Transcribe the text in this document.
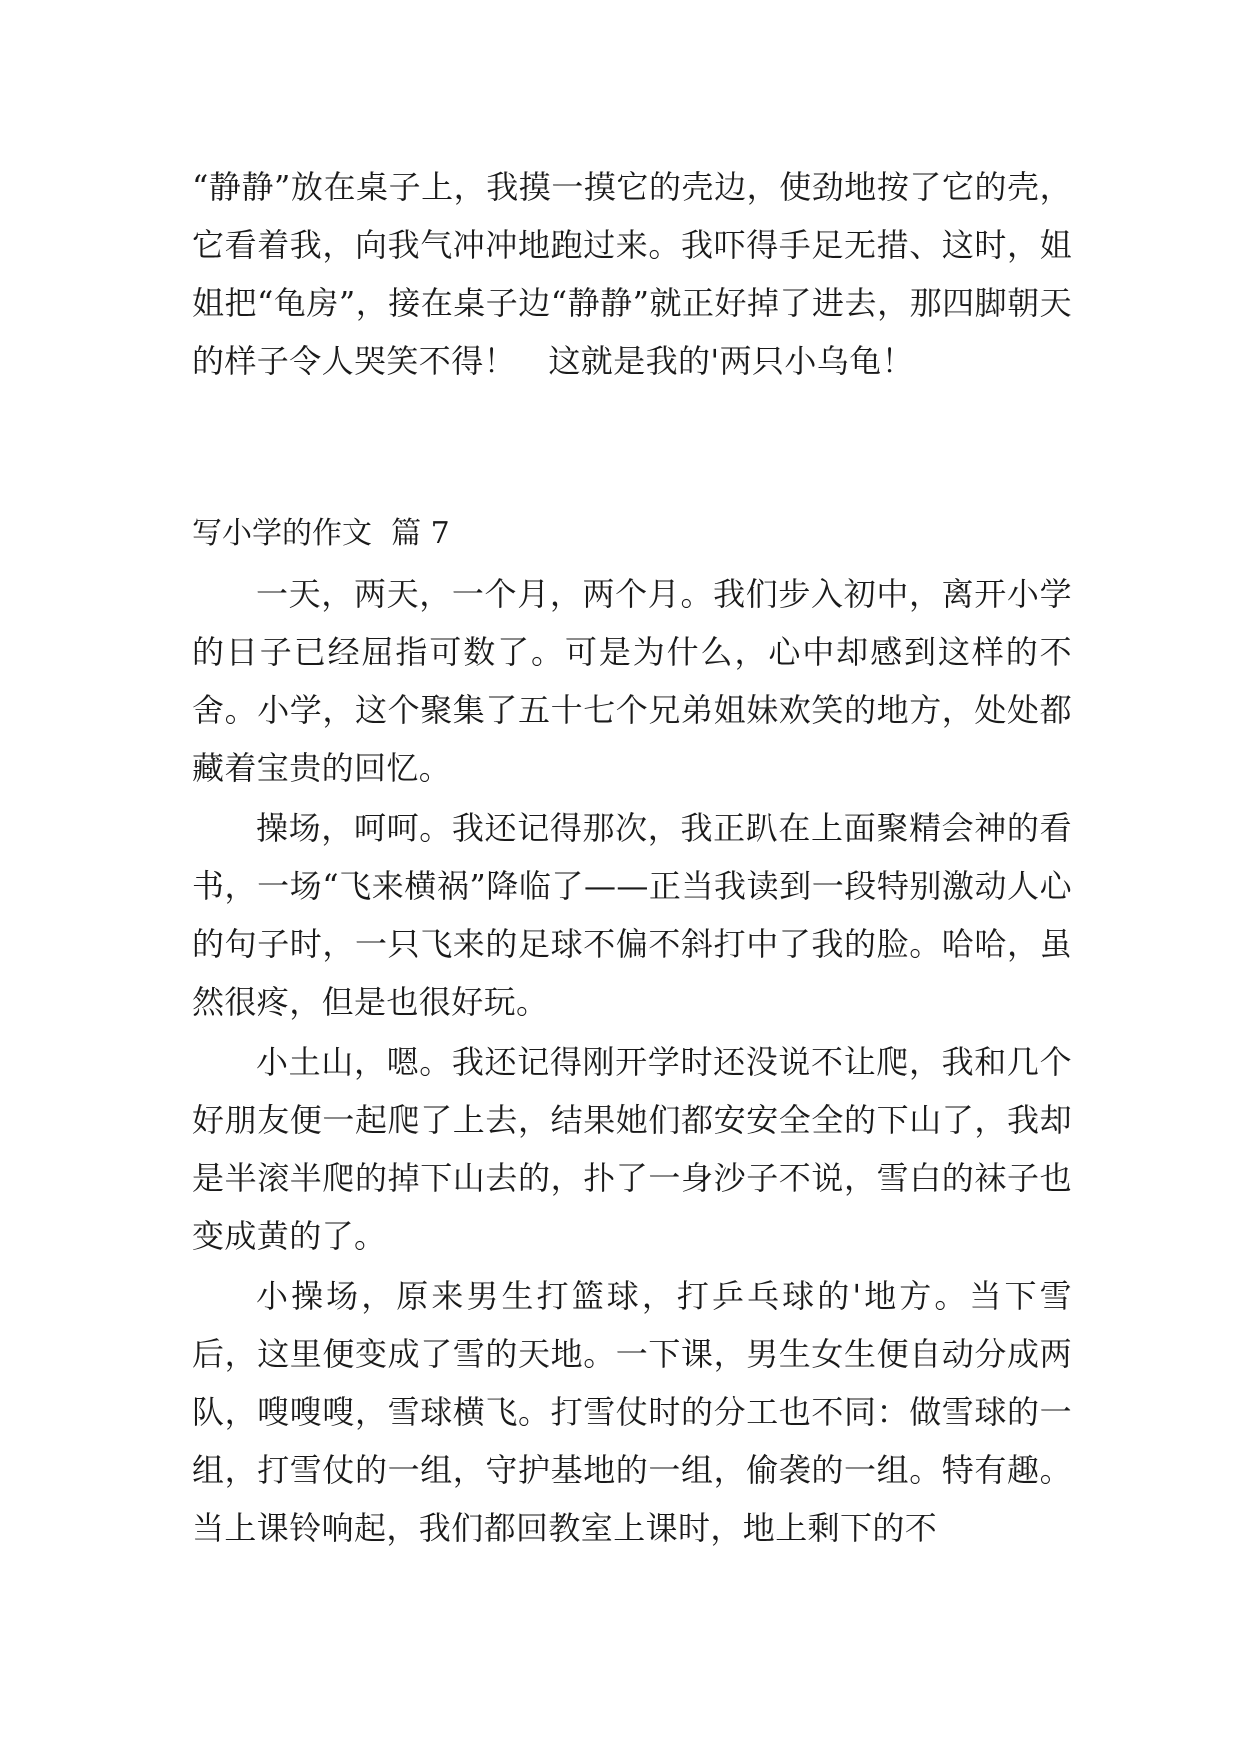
“静静”放在桌子上，我摸一摸它的壳边，使劲地按了它的壳，它看着我，向我气冲冲地跑过来。我吓得手足无措、这时，姐姐把“龟房”，接在桌子边“静静”就正好掉了进去，那四脚朝天的样子令人哭笑不得！　这就是我的'两只小乌龟！

写小学的作文  篇 7

一天，两天，一个月，两个月。我们步入初中，离开小学的日子已经屈指可数了。可是为什么，心中却感到这样的不舍。小学，这个聚集了五十七个兄弟姐妹欢笑的地方，处处都藏着宝贵的回忆。

操场，呵呵。我还记得那次，我正趴在上面聚精会神的看书，一场“飞来横祸”降临了——正当我读到一段特别激动人心的句子时，一只飞来的足球不偏不斜打中了我的脸。哈哈，虽然很疼，但是也很好玩。

小土山，嗯。我还记得刚开学时还没说不让爬，我和几个好朋友便一起爬了上去，结果她们都安安全全的下山了，我却是半滚半爬的掉下山去的，扑了一身沙子不说，雪白的袜子也变成黄的了。

小操场，原来男生打篮球，打乒乓球的'地方。当下雪后，这里便变成了雪的天地。一下课，男生女生便自动分成两队，嗖嗖嗖，雪球横飞。打雪仗时的分工也不同：做雪球的一组，打雪仗的一组，守护基地的一组，偷袭的一组。特有趣。当上课铃响起，我们都回教室上课时，地上剩下的不
